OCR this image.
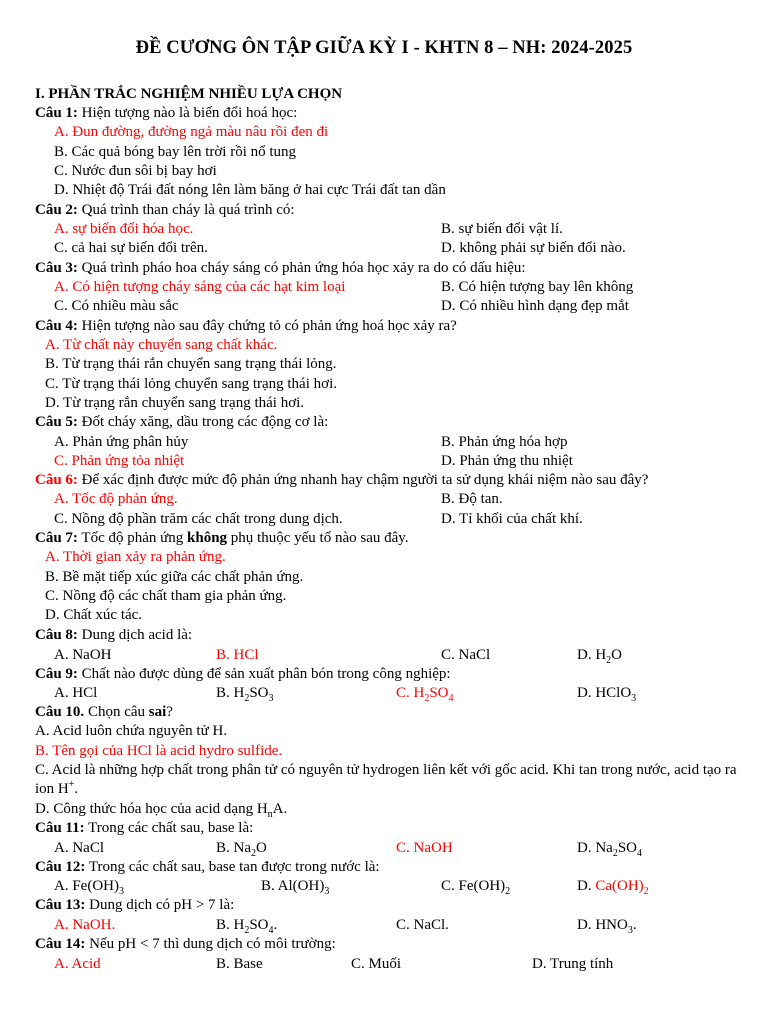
ĐỀ CƯƠNG ÔN TẬP GIỮA KỲ I - KHTN 8 – NH: 2024-2025
I. PHẦN TRẮC NGHIỆM NHIỀU LỰA CHỌN
Câu 1: Hiện tượng nào là biến đổi hoá học:
A. Đun đường, đường ngả màu nâu rồi đen đi
B. Các quả bóng bay lên trời rồi nổ tung
C. Nước đun sôi bị bay hơi
D. Nhiệt độ Trái đất nóng lên làm băng ở hai cực Trái đất tan dần
Câu 2: Quá trình than cháy là quá trình có:
A. sự biến đổi hóa học.	B. sự biến đổi vật lí.
C. cả hai sự biến đổi trên.	D. không phải sự biến đổi nào.
Câu 3: Quá trình pháo hoa cháy sáng có phản ứng hóa học xảy ra do có dấu hiệu:
A. Có hiện tượng cháy sáng của các hạt kim loại	B. Có hiện tượng bay lên không
C. Có nhiều màu sắc	D. Có nhiều hình dạng đẹp mắt
Câu 4: Hiện tượng nào sau đây chứng tỏ có phản ứng hoá học xảy ra?
A. Từ chất này chuyển sang chất khác.
B. Từ trạng thái rắn chuyển sang trạng thái lỏng.
C. Từ trạng thái lỏng chuyển sang trạng thái hơi.
D. Từ trạng rắn chuyển sang trạng thái hơi.
Câu 5: Đốt cháy xăng, dầu trong các động cơ là:
A. Phản ứng phân hủy	B. Phản ứng hóa hợp
C. Phản ứng tỏa nhiệt	D. Phản ứng thu nhiệt
Câu 6: Để xác định được mức độ phản ứng nhanh hay chậm người ta sử dụng khái niệm nào sau đây?
A. Tốc độ phản ứng.	B. Độ tan.
C. Nồng độ phần trăm các chất trong dung dịch.	D. Tỉ khối của chất khí.
Câu 7: Tốc độ phản ứng không phụ thuộc yếu tố nào sau đây.
A. Thời gian xảy ra phản ứng.
B. Bề mặt tiếp xúc giữa các chất phản ứng.
C. Nồng độ các chất tham gia phản ứng.
D. Chất xúc tác.
Câu 8: Dung dịch acid là:
A. NaOH	B. HCl	C. NaCl	D. $H_2O$
Câu 9: Chất nào được dùng để sản xuất phân bón trong công nghiệp:
A. HCl	B. $H_2SO_3$	C. $H_2SO_4$	D. HClO$_3$
Câu 10. Chọn câu sai?
A. Acid luôn chứa nguyên tử H.
B. Tên gọi của HCl là acid hydro sulfide.
C. Acid là những hợp chất trong phân tử có nguyên tử hydrogen liên kết với gốc acid. Khi tan trong nước, acid tạo ra ion H+.
D. Công thức hóa học của acid dạng $H_nA$.
Câu 11: Trong các chất sau, base là:
A. NaCl	B. $Na_2O$	C. NaOH	D. $Na_2SO_4$
Câu 12: Trong các chất sau, base tan được trong nước là:
A. $Fe(OH)_3$	B. $Al(OH)_3$	C. $Fe(OH)_2$	D. $Ca(OH)_2$
Câu 13: Dung dịch có pH > 7 là:
A. NaOH.	B. $H_2SO_4$.	C. NaCl.	D. $HNO_3$.
Câu 14: Nếu pH < 7 thì dung dịch có môi trường:
A. Acid	B. Base	C. Muối	D. Trung tính
